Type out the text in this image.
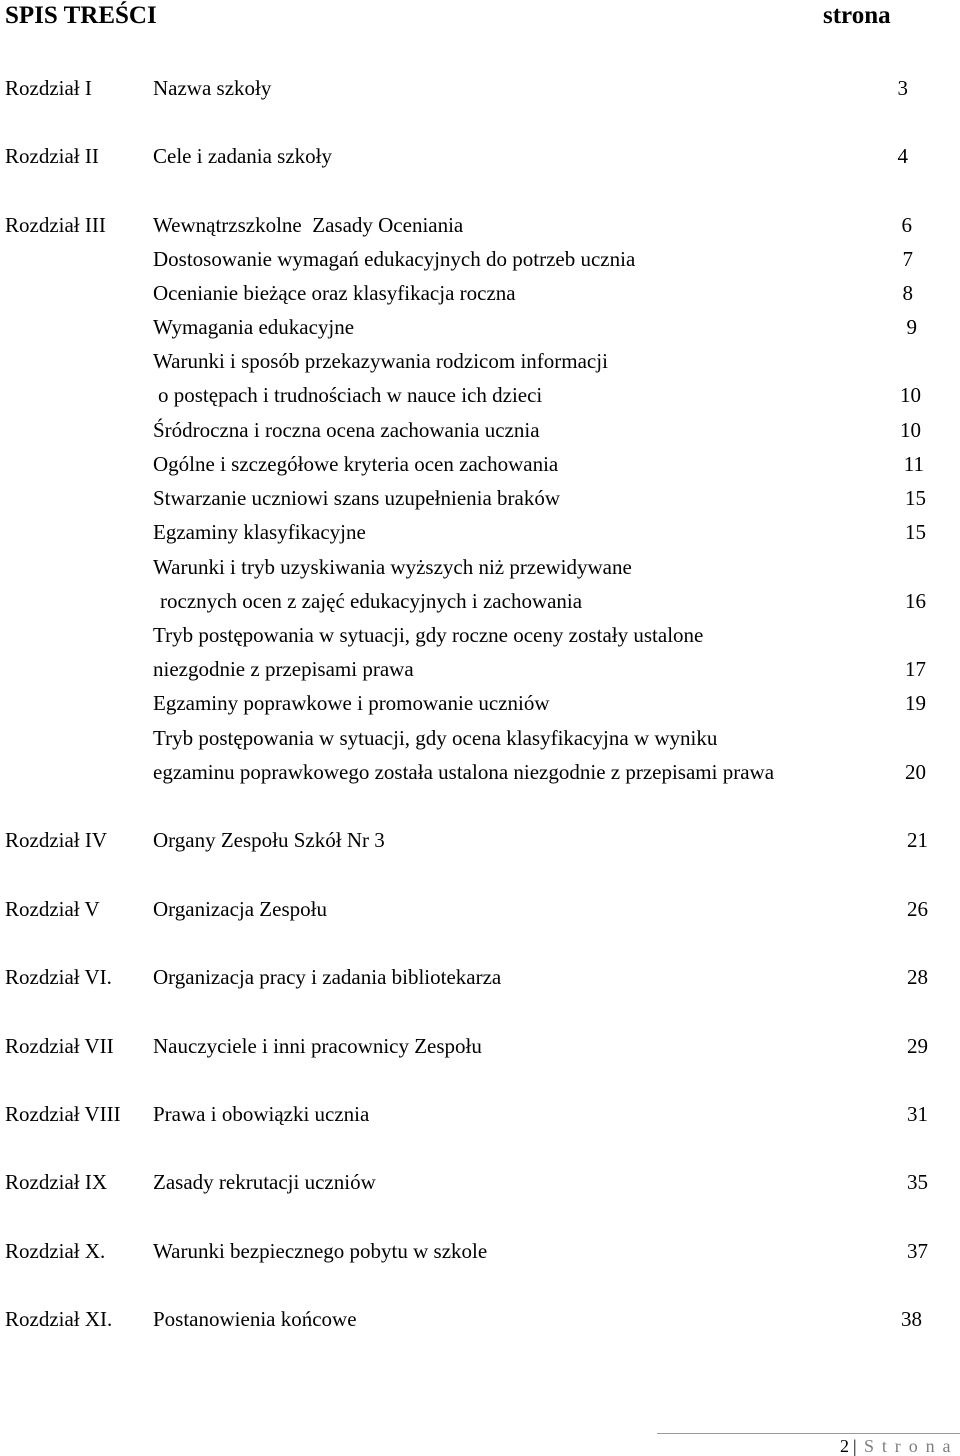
SPIS TREŚCI	strona
Rozdział I	Nazwa szkoły	3
Rozdział II	Cele i zadania szkoły	4
Rozdział III Wewnątrzszkolne  Zasady Oceniania	6
Dostosowanie wymagań edukacyjnych do potrzeb ucznia	7
Ocenianie bieżące oraz klasyfikacja roczna	8
Wymagania edukacyjne	9
Warunki i sposób przekazywania rodzicom informacji
o postępach i trudnościach w nauce ich dzieci	10
Śródroczna i roczna ocena zachowania ucznia	10
Ogólne i szczegółowe kryteria ocen zachowania	11
Stwarzanie uczniowi szans uzupełnienia braków	15
Egzaminy klasyfikacyjne	15
Warunki i tryb uzyskiwania wyższych niż przewidywane
rocznych ocen z zajęć edukacyjnych i zachowania	16
Tryb postępowania w sytuacji, gdy roczne oceny zostały ustalone
niezgodnie z przepisami prawa	17
Egzaminy poprawkowe i promowanie uczniów	19
Tryb postępowania w sytuacji, gdy ocena klasyfikacyjna w wyniku
egzaminu poprawkowego została ustalona niezgodnie z przepisami prawa	20
Rozdział IV Organy Zespołu Szkół Nr 3	21
Rozdział V	Organizacja Zespołu	26
Rozdział VI. Organizacja pracy i zadania bibliotekarza	28
Rozdział VII Nauczyciele i inni pracownicy Zespołu	29
Rozdział VIII Prawa i obowiązki ucznia	31
Rozdział IX Zasady rekrutacji uczniów	35
Rozdział X. Warunki bezpiecznego pobytu w szkole	37
Rozdział XI. Postanowienia końcowe	38
2 | S t r o n a
